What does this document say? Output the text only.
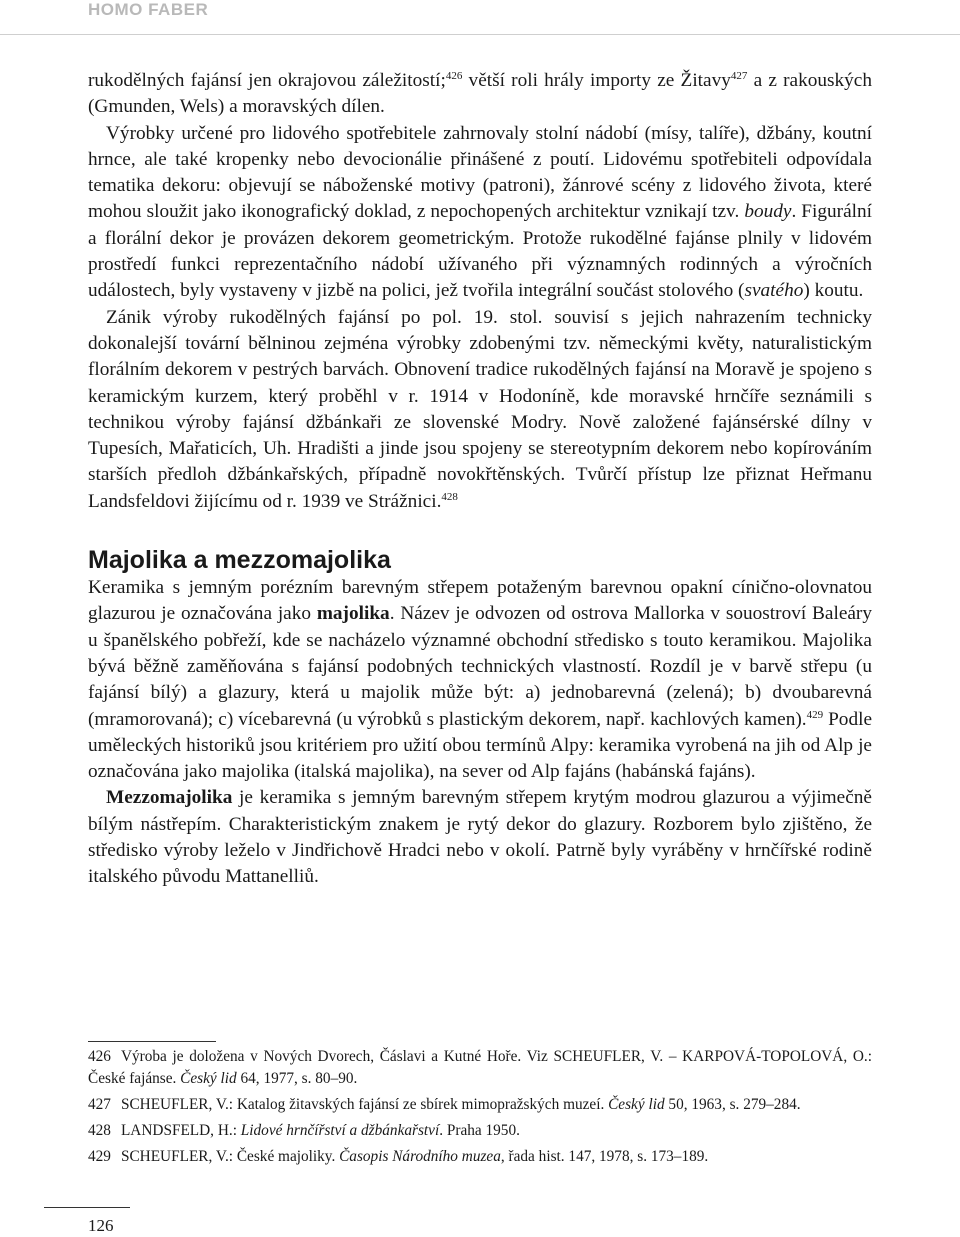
HOMO FABER

rukodělných fajánsí jen okrajovou záležitostí;$^{426}$ větší roli hrály importy ze Žitavy$^{427}$ a z rakouských (Gmunden, Wels) a moravských dílen.

Výrobky určené pro lidového spotřebitele zahrnovaly stolní nádobí (mísy, talíře), džbány, koutní hrnce, ale také kropenky nebo devocionálie přinášené z poutí. Lidovému spotřebiteli odpovídala tematika dekoru: objevují se náboženské motivy (patroni), žánrové scény z lidového života, které mohou sloužit jako ikonografický doklad, z nepochopených architektur vznikají tzv. boudy. Figurální a florální dekor je provázen dekorem geometrickým. Protože rukodělné fajánse plnily v lidovém prostředí funkci reprezentačního nádobí užívaného při významných rodinných a výročních událostech, byly vystaveny v jizbě na polici, jež tvořila integrální součást stolového (svatého) koutu.

Zánik výroby rukodělných fajánsí po pol. 19. stol. souvisí s jejich nahrazením technicky dokonalejší tovární bělninou zejména výrobky zdobenými tzv. německými květy, naturalistickým florálním dekorem v pestrých barvách. Obnovení tradice rukodělných fajánsí na Moravě je spojeno s keramickým kurzem, který proběhl v r. 1914 v Hodoníně, kde moravské hrnčíře seznámili s technikou výroby fajánsí džbánkaři ze slovenské Modry. Nově založené fajánsérské dílny v Tupesích, Mařaticích, Uh. Hradišti a jinde jsou spojeny se stereotypním dekorem nebo kopírováním starších předloh džbánkařských, případně novokřtěnských. Tvůrčí přístup lze přiznat Heřmanu Landsfeldovi žijícímu od r. 1939 ve Strážnici.$^{428}$

Majolika a mezzomajolika

Keramika s jemným porézním barevným střepem potaženým barevnou opakní cínično-olovnatou glazurou je označována jako majolika. Název je odvozen od ostrova Mallorka v souostroví Baleáry u španělského pobřeží, kde se nacházelo významné obchodní středisko s touto keramikou. Majolika bývá běžně zaměňována s fajánsí podobných technických vlastností. Rozdíl je v barvě střepu (u fajánsí bílý) a glazury, která u majolik může být: a) jednobarevná (zelená); b) dvoubarevná (mramorovaná); c) vícebarevná (u výrobků s plastickým dekorem, např. kachlových kamen).$^{429}$ Podle uměleckých historiků jsou kritériem pro užití obou termínů Alpy: keramika vyrobená na jih od Alp je označována jako majolika (italská majolika), na sever od Alp fajáns (habánská fajáns).

Mezzomajolika je keramika s jemným barevným střepem krytým modrou glazurou a výjimečně bílým nástřepím. Charakteristickým znakem je rytý dekor do glazury. Rozborem bylo zjištěno, že středisko výroby leželo v Jindřichově Hradci nebo v okolí. Patrně byly vyráběny v hrnčířské rodině italského původu Mattanelliů.

426 Výroba je doložena v Nových Dvorech, Čáslavi a Kutné Hoře. Viz SCHEUFLER, V. – KARPOVÁ-TOPOLOVÁ, O.: České fajánse. Český lid 64, 1977, s. 80–90.

427 SCHEUFLER, V.: Katalog žitavských fajánsí ze sbírek mimopražských muzeí. Český lid 50, 1963, s. 279–284.

428 LANDSFELD, H.: Lidové hrnčířství a džbánkařství. Praha 1950.

429 SCHEUFLER, V.: České majoliky. Časopis Národního muzea, řada hist. 147, 1978, s. 173–189.

126
